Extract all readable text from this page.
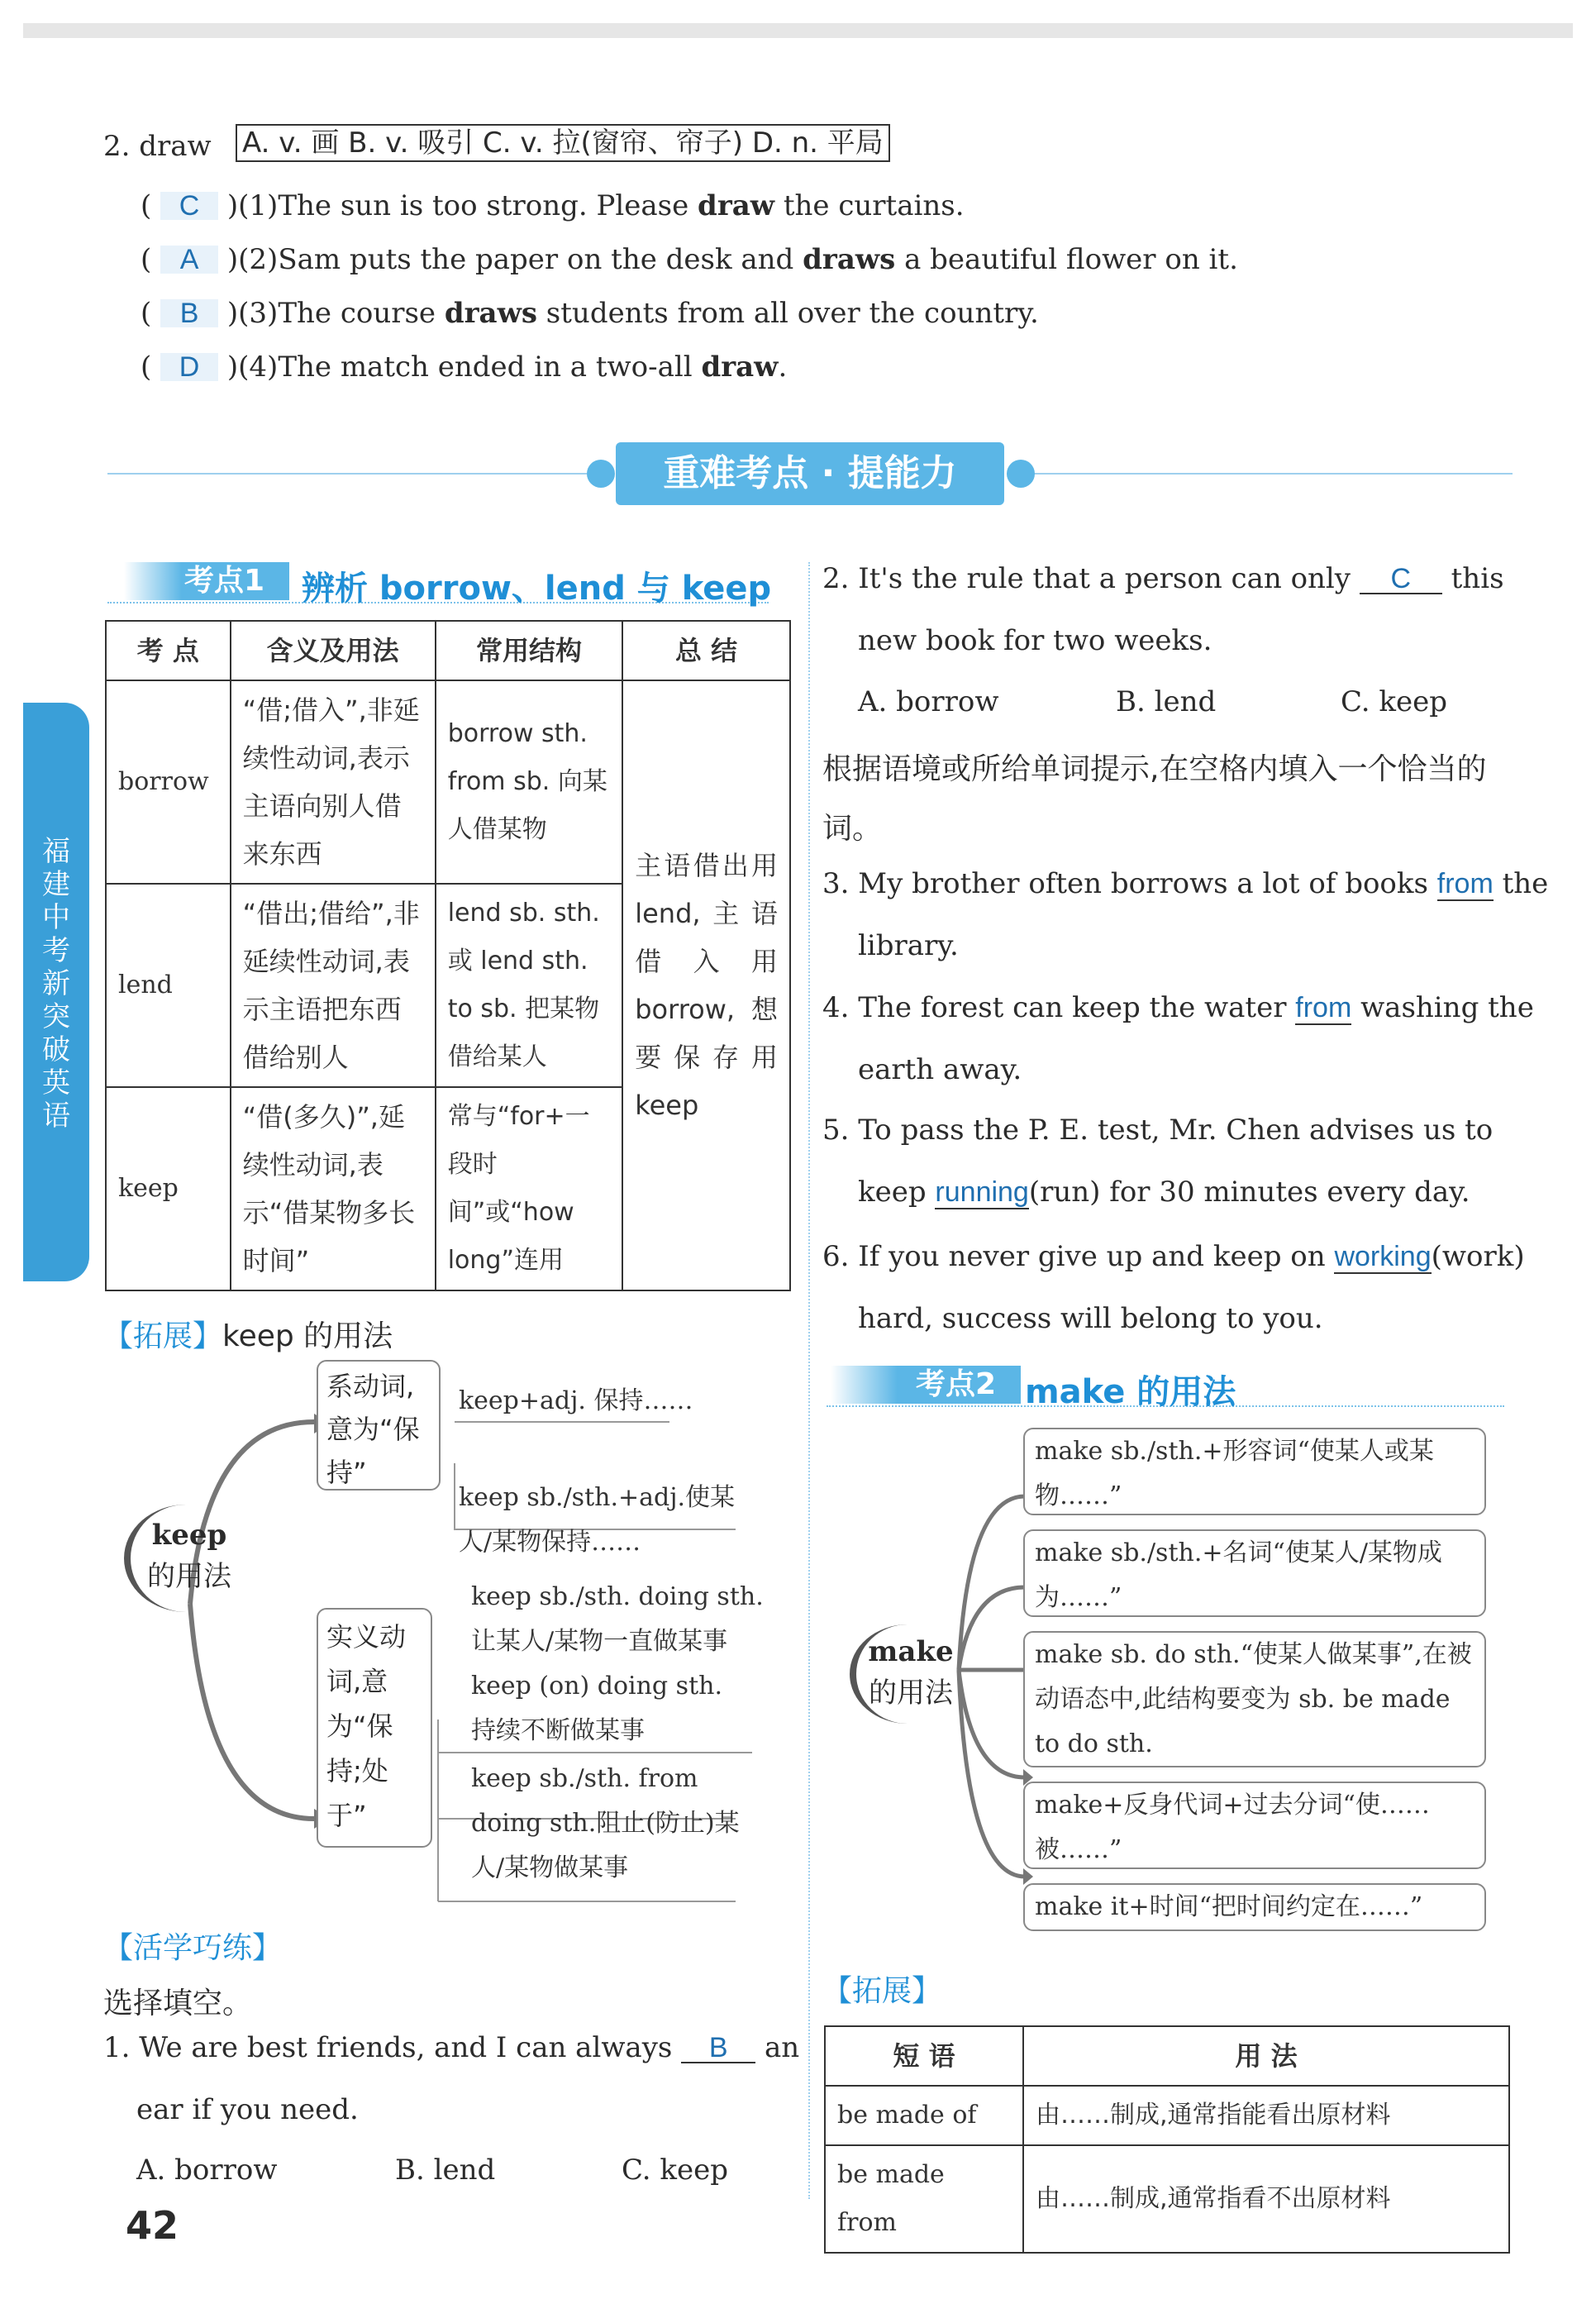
福建中考新突破 英语
2. draw A. v. 画 B. v. 吸引 C. v. 拉(窗帘、帘子) D. n. 平局
( C )(1)The sun is too strong. Please draw the curtains.
( A )(2)Sam puts the paper on the desk and draws a beautiful flower on it.
( B )(3)The course draws students from all over the country.
( D )(4)The match ended in a two-all draw.
重难考点 · 提能力
考点1	辨析 borrow、lend 与 keep
考 点	含义及用法	常用结构	总 结
borrow	“借;借入”,非延续性动词,表示主语向别人借来东西	borrow sth. from sb. 向某人借某物	主语借出用 lend,主语借入用 borrow,想要保存用 keep
lend	“借出;借给”,非延续性动词,表示主语把东西借给别人	lend sb. sth. 或 lend sth. to sb. 把某物借给某人	
keep	“借(多久)”,延续性动词,表示“借某物多长时间”	常与“for+一段时间”或“how long”连用	
【拓展】keep 的用法
keep
的用法
系动词,意为“保持”
实义动词,意为“保持;处于”
keep+adj. 保持……
keep sb./sth.+adj.使某人/某物保持……
keep sb./sth. doing sth. 让某人/某物一直做某事
keep (on) doing sth. 持续不断做某事
keep sb./sth. from doing sth.阻止(防止)某人/某物做某事
【活学巧练】
选择填空。
1. We are best friends, and I can always B an
ear if you need.
A. borrow	B. lend	C. keep
42
2. It's the rule that a person can only C this
new book for two weeks.
A. borrow	B. lend	C. keep
根据语境或所给单词提示,在空格内填入一个恰当的词。
3. My brother often borrows a lot of books from the
library.
4. The forest can keep the water from washing the
earth away.
5. To pass the P. E. test, Mr. Chen advises us to
keep running(run) for 30 minutes every day.
6. If you never give up and keep on working(work)
hard, success will belong to you.
考点2 make 的用法
make
的用法
make sb./sth.+形容词“使某人或某物……”
make sb./sth.+名词“使某人/某物成为……”
make sb. do sth.“使某人做某事”,在被动语态中,此结构要变为 sb. be made to do sth.
make+反身代词+过去分词“使……被……”
make it+时间“把时间约定在……”
【拓展】
短 语	用 法
be made of	由……制成,通常指能看出原材料
be made from	由……制成,通常指看不出原材料
